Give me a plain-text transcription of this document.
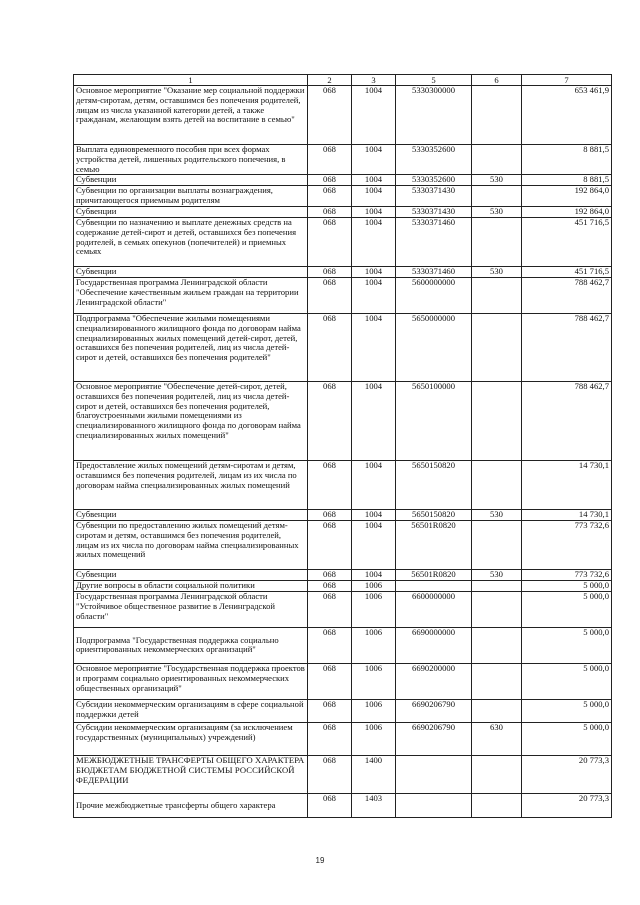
1	2	3	5	6	7
Основное мероприятие "Оказание мер социальной поддержки детям-сиротам, детям, оставшимся без попечения родителей, лицам из числа указанной категории детей, а также гражданам, желающим взять детей на воспитание в семью"	068	1004	5330300000		653 461,9
Выплата единовременного пособия при всех формах устройства детей, лишенных родительского попечения, в семью	068	1004	5330352600		8 881,5
Субвенции	068	1004	5330352600	530	8 881,5
Субвенции по организации выплаты вознаграждения, причитающегося приемным родителям	068	1004	5330371430		192 864,0
Субвенции	068	1004	5330371430	530	192 864,0
Субвенции по назначению и выплате денежных средств на содержание детей-сирот и детей, оставшихся без попечения родителей, в семьях опекунов (попечителей) и приемных семьях	068	1004	5330371460		451 716,5
Субвенции	068	1004	5330371460	530	451 716,5
Государственная программа Ленинградской области "Обеспечение качественным жильем граждан на территории Ленинградской области"	068	1004	5600000000		788 462,7
Подпрограмма "Обеспечение жилыми помещениями специализированного жилищного фонда по договорам найма специализированных жилых помещений детей-сирот, детей, оставшихся без попечения родителей, лиц из числа детей-сирот и детей, оставшихся без попечения родителей"	068	1004	5650000000		788 462,7
Основное мероприятие "Обеспечение детей-сирот, детей, оставшихся без попечения родителей, лиц из числа детей-сирот и детей, оставшихся без попечения родителей, благоустроенными жилыми помещениями из специализированного жилищного фонда по договорам найма специализированных жилых помещений"	068	1004	5650100000		788 462,7
Предоставление жилых помещений детям-сиротам и детям, оставшимся без попечения родителей, лицам из их числа по договорам найма специализированных жилых помещений	068	1004	5650150820		14 730,1
Субвенции	068	1004	5650150820	530	14 730,1
Субвенции по предоставлению жилых помещений детям-сиротам и детям, оставшимся без попечения родителей, лицам из их числа по договорам найма специализированных жилых помещений	068	1004	56501R0820		773 732,6
Субвенции	068	1004	56501R0820	530	773 732,6
Другие вопросы в области социальной политики	068	1006			5 000,0
Государственная программа Ленинградской области "Устойчивое общественное развитие в Ленинградской области"	068	1006	6600000000		5 000,0
Подпрограмма "Государственная поддержка социально ориентированных некоммерческих организаций"	068	1006	6690000000		5 000,0
Основное мероприятие "Государственная поддержка проектов и программ социально ориентированных некоммерческих общественных организаций"	068	1006	6690200000		5 000,0
Субсидии некоммерческим организациям в сфере социальной поддержки детей	068	1006	6690206790		5 000,0
Субсидии некоммерческим организациям (за исключением государственных (муниципальных) учреждений)	068	1006	6690206790	630	5 000,0
МЕЖБЮДЖЕТНЫЕ ТРАНСФЕРТЫ ОБЩЕГО ХАРАКТЕРА БЮДЖЕТАМ БЮДЖЕТНОЙ СИСТЕМЫ РОССИЙСКОЙ ФЕДЕРАЦИИ	068	1400			20 773,3
Прочие межбюджетные трансферты общего характера	068	1403			20 773,3
19
